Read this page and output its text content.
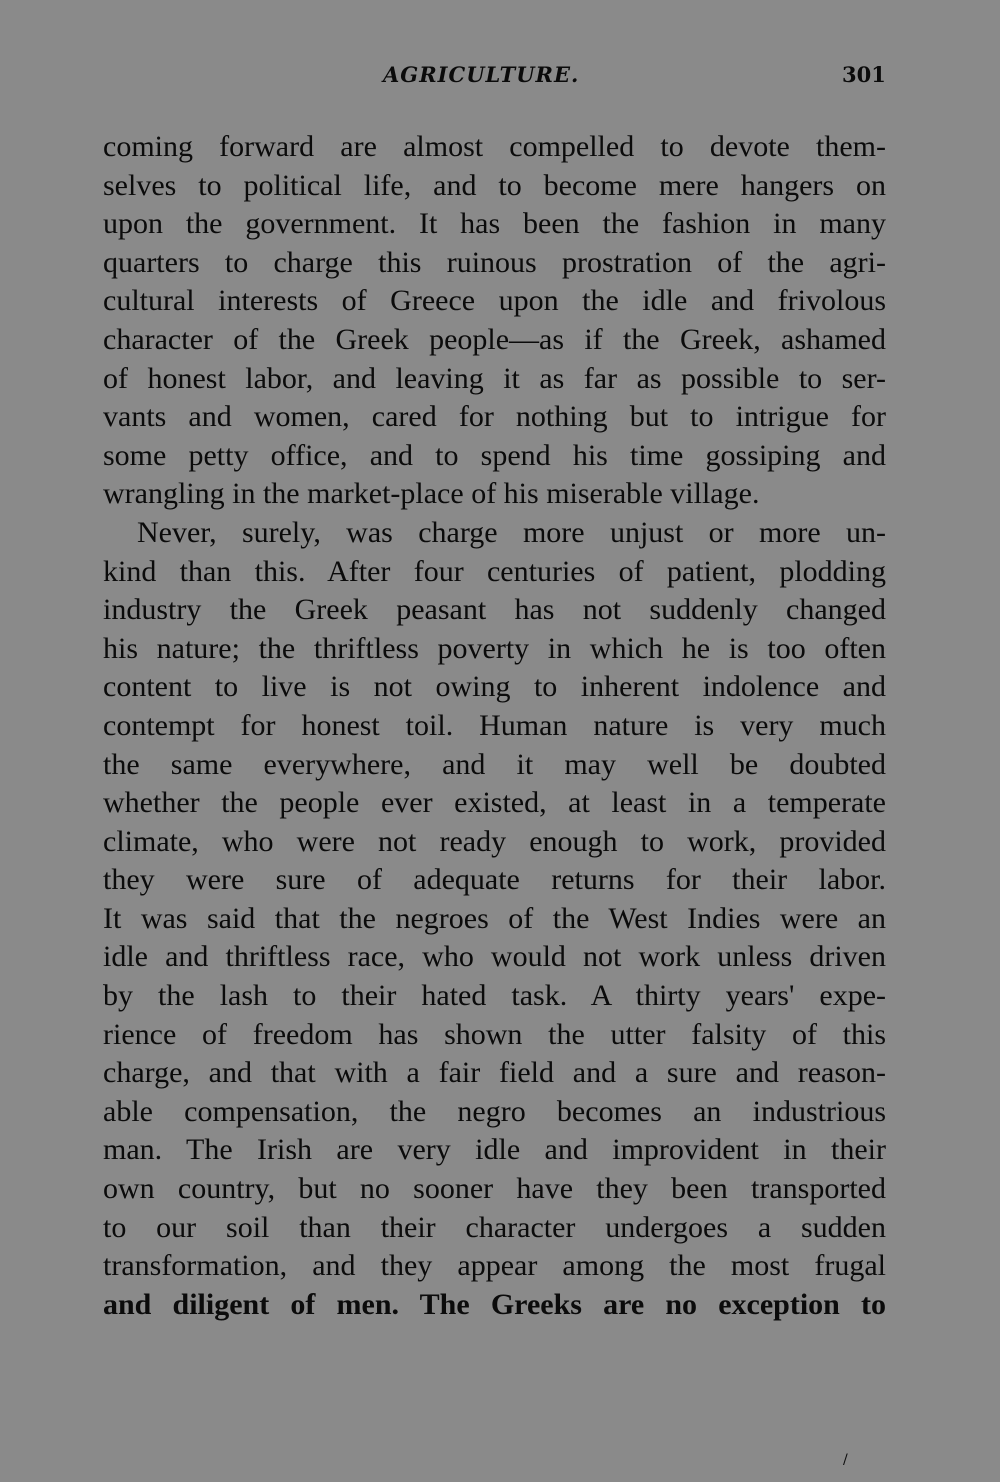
AGRICULTURE.	301
coming forward are almost compelled to devote them-
selves to political life, and to become mere hangers on
upon the government. It has been the fashion in many
quarters to charge this ruinous prostration of the agri-
cultural interests of Greece upon the idle and frivolous
character of the Greek people—as if the Greek, ashamed
of honest labor, and leaving it as far as possible to ser-
vants and women, cared for nothing but to intrigue for
some petty office, and to spend his time gossiping and
wrangling in the market-place of his miserable village.
Never, surely, was charge more unjust or more un-
kind than this. After four centuries of patient, plodding
industry the Greek peasant has not suddenly changed
his nature; the thriftless poverty in which he is too often
content to live is not owing to inherent indolence and
contempt for honest toil. Human nature is very much
the same everywhere, and it may well be doubted
whether the people ever existed, at least in a temperate
climate, who were not ready enough to work, provided
they were sure of adequate returns for their labor.
It was said that the negroes of the West Indies were an
idle and thriftless race, who would not work unless driven
by the lash to their hated task. A thirty years' expe-
rience of freedom has shown the utter falsity of this
charge, and that with a fair field and a sure and reason-
able compensation, the negro becomes an industrious
man. The Irish are very idle and improvident in their
own country, but no sooner have they been transported
to our soil than their character undergoes a sudden
transformation, and they appear among the most frugal
and diligent of men. The Greeks are no exception to
/
